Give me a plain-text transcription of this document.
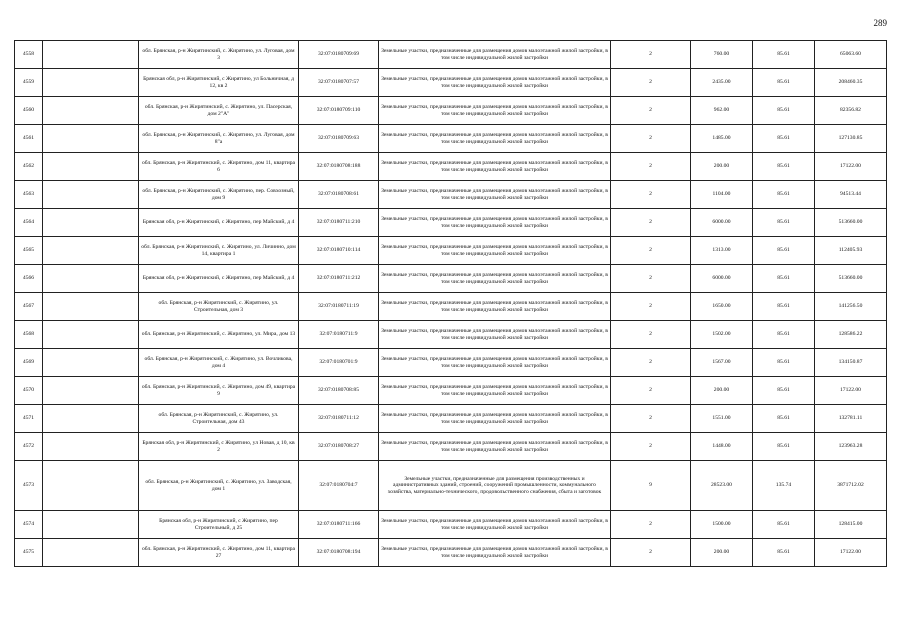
289
4558		обл. Брянская, р-н Жирятинский, с. Жирятино, ул. Луговая, дом 3	32:07:0180709:69	Земельные участки, предназначенные для размещения домов малоэтажной жилой застройки, в том числе индивидуальной жилой застройки	2	760.00	85.61	65063.60
4559		Брянская обл, р-н Жирятинский, с Жирятино, ул Больничная, д 12, кв 2	32:07:0180707:57	Земельные участки, предназначенные для размещения домов малоэтажной жилой застройки, в том числе индивидуальной жилой застройки	2	2435.00	85.61	208460.35
4560		обл. Брянская, р-н Жирятинский, с. Жирятино, ул. Пасерская, дом 2"А"	32:07:0180709:110	Земельные участки, предназначенные для размещения домов малоэтажной жилой застройки, в том числе индивидуальной жилой застройки	2	962.00	85.61	82356.82
4561		обл. Брянская, р-н Жирятинский, с. Жирятино, ул. Луговая, дом 8"а	32:07:0180709:63	Земельные участки, предназначенные для размещения домов малоэтажной жилой застройки, в том числе индивидуальной жилой застройки	2	1485.00	85.61	127130.85
4562		обл. Брянская, р-н Жирятинский, с. Жирятино, дом 11, квартира 6	32:07:0180708:188	Земельные участки, предназначенные для размещения домов малоэтажной жилой застройки, в том числе индивидуальной жилой застройки	2	200.00	85.61	17122.00
4563		обл. Брянская, р-н Жирятинский, с. Жирятино, пер. Совхозный, дом 9	32:07:0180708:61	Земельные участки, предназначенные для размещения домов малоэтажной жилой застройки, в том числе индивидуальной жилой застройки	2	1104.00	85.61	94513.44
4564		Брянская обл, р-н Жирятинский, с Жирятино, пер Майский, д 4	32:07:0180711:210	Земельные участки, предназначенные для размещения домов малоэтажной жилой застройки, в том числе индивидуальной жилой застройки	2	6000.00	85.61	513660.00
4565		обл. Брянская, р-н Жирятинский, с. Жирятино, ул. Личинно, дом 14, квартира 1	32:07:0180710:114	Земельные участки, предназначенные для размещения домов малоэтажной жилой застройки, в том числе индивидуальной жилой застройки	2	1313.00	85.61	112405.93
4566		Брянская обл, р-н Жирятинский, с Жирятино, пер Майский, д 4	32:07:0180711:212	Земельные участки, предназначенные для размещения домов малоэтажной жилой застройки, в том числе индивидуальной жилой застройки	2	6000.00	85.61	513660.00
4567		обл. Брянская, р-н Жирятинский, с. Жирятино, ул. Строительная, дом 3	32:07:0180711:19	Земельные участки, предназначенные для размещения домов малоэтажной жилой застройки, в том числе индивидуальной жилой застройки	2	1650.00	85.61	141256.50
4568		обл. Брянская, р-н Жирятинский, с. Жирятино, ул. Мира, дом 13	32:07:0180711:9	Земельные участки, предназначенные для размещения домов малоэтажной жилой застройки, в том числе индивидуальной жилой застройки	2	1502.00	85.61	128586.22
4569		обл. Брянская, р-н Жирятинский, с. Жирятино, ул. Вочликова, дом 4	32:07:0180701:9	Земельные участки, предназначенные для размещения домов малоэтажной жилой застройки, в том числе индивидуальной жилой застройки	2	1567.00	85.61	134150.87
4570		обл. Брянская, р-н Жирятинский, с. Жирятино, дом 49, квартира 9	32:07:0180708:85	Земельные участки, предназначенные для размещения домов малоэтажной жилой застройки, в том числе индивидуальной жилой застройки	2	200.00	85.61	17122.00
4571		обл. Брянская, р-н Жирятинский, с. Жирятино, ул. Строительная, дом 43	32:07:0180711:12	Земельные участки, предназначенные для размещения домов малоэтажной жилой застройки, в том числе индивидуальной жилой застройки	2	1551.00	85.61	132781.11
4572		Брянская обл, р-н Жирятинский, с Жирятино, ул Новая, д 10, кв 2	32:07:0180708:27	Земельные участки, предназначенные для размещения домов малоэтажной жилой застройки, в том числе индивидуальной жилой застройки	2	1448.00	85.61	123963.28
4573		обл. Брянская, р-н Жирятинский, с. Жирятино, ул. Заводская, дом 1	32:07:0180704:7	Земельные участки, предназначенные для размещения производственных и административных зданий, строений, сооружений промышленности, коммунального хозяйства, материально-технического, продовольственного снабжения, сбыта и заготовок	9	28523.00	135.74	3871712.02
4574		Брянская обл, р-н Жирятинский, с Жирятино, пер Строительный, д 25	32:07:0180711:166	Земельные участки, предназначенные для размещения домов малоэтажной жилой застройки, в том числе индивидуальной жилой застройки	2	1500.00	85.61	128415.00
4575		обл. Брянская, р-н Жирятинский, с. Жирятино, дом 11, квартира 27	32:07:0180708:194	Земельные участки, предназначенные для размещения домов малоэтажной жилой застройки, в том числе индивидуальной жилой застройки	2	200.00	85.61	17122.00
